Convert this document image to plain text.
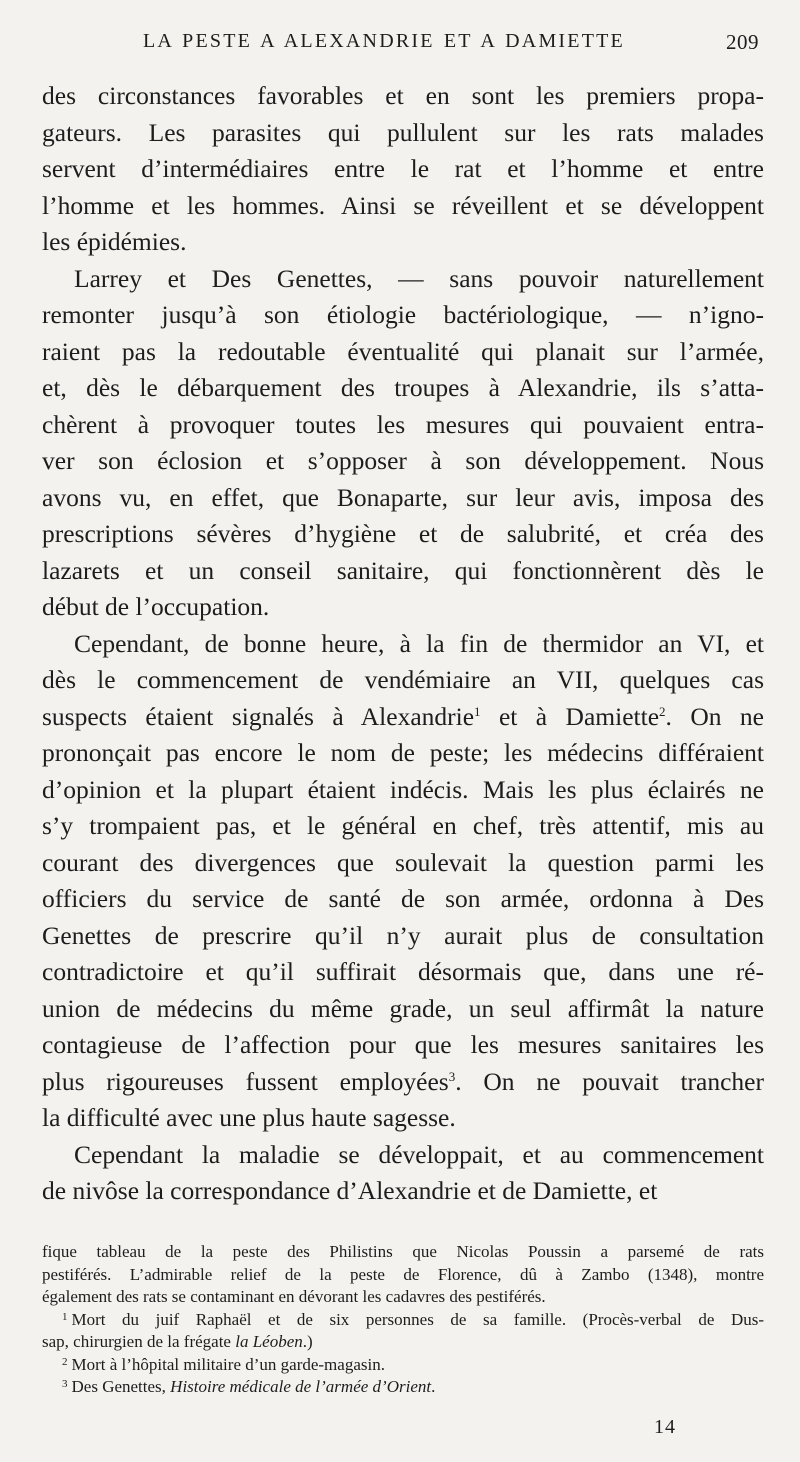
LA PESTE A ALEXANDRIE ET A DAMIETTE	209
des circonstances favorables et en sont les premiers propa-
gateurs. Les parasites qui pullulent sur les rats malades
servent d’intermédiaires entre le rat et l’homme et entre
l’homme et les hommes. Ainsi se réveillent et se développent
les épidémies.
Larrey et Des Genettes, — sans pouvoir naturellement
remonter jusqu’à son étiologie bactériologique, — n’igno-
raient pas la redoutable éventualité qui planait sur l’armée,
et, dès le débarquement des troupes à Alexandrie, ils s’atta-
chèrent à provoquer toutes les mesures qui pouvaient entra-
ver son éclosion et s’opposer à son développement. Nous
avons vu, en effet, que Bonaparte, sur leur avis, imposa des
prescriptions sévères d’hygiène et de salubrité, et créa des
lazarets et un conseil sanitaire, qui fonctionnèrent dès le
début de l’occupation.
Cependant, de bonne heure, à la fin de thermidor an VI, et
dès le commencement de vendémiaire an VII, quelques cas
suspects étaient signalés à Alexandrie$^1$ et à Damiette$^2$. On ne
prononçait pas encore le nom de peste; les médecins différaient
d’opinion et la plupart étaient indécis. Mais les plus éclairés ne
s’y trompaient pas, et le général en chef, très attentif, mis au
courant des divergences que soulevait la question parmi les
officiers du service de santé de son armée, ordonna à Des
Genettes de prescrire qu’il n’y aurait plus de consultation
contradictoire et qu’il suffirait désormais que, dans une ré-
union de médecins du même grade, un seul affirmât la nature
contagieuse de l’affection pour que les mesures sanitaires les
plus rigoureuses fussent employées$^3$. On ne pouvait trancher
la difficulté avec une plus haute sagesse.
Cependant la maladie se développait, et au commencement
de nivôse la correspondance d’Alexandrie et de Damiette, et
fique tableau de la peste des Philistins que Nicolas Poussin a parsemé de rats
pestiférés. L’admirable relief de la peste de Florence, dû à Zambo (1348), montre
également des rats se contaminant en dévorant les cadavres des pestiférés.
$^1$ Mort du juif Raphaël et de six personnes de sa famille. (Procès-verbal de Dus-
sap, chirurgien de la frégate la Léoben.)
$^2$ Mort à l’hôpital militaire d’un garde-magasin.
$^3$ Des Genettes, Histoire médicale de l’armée d’Orient.
14
